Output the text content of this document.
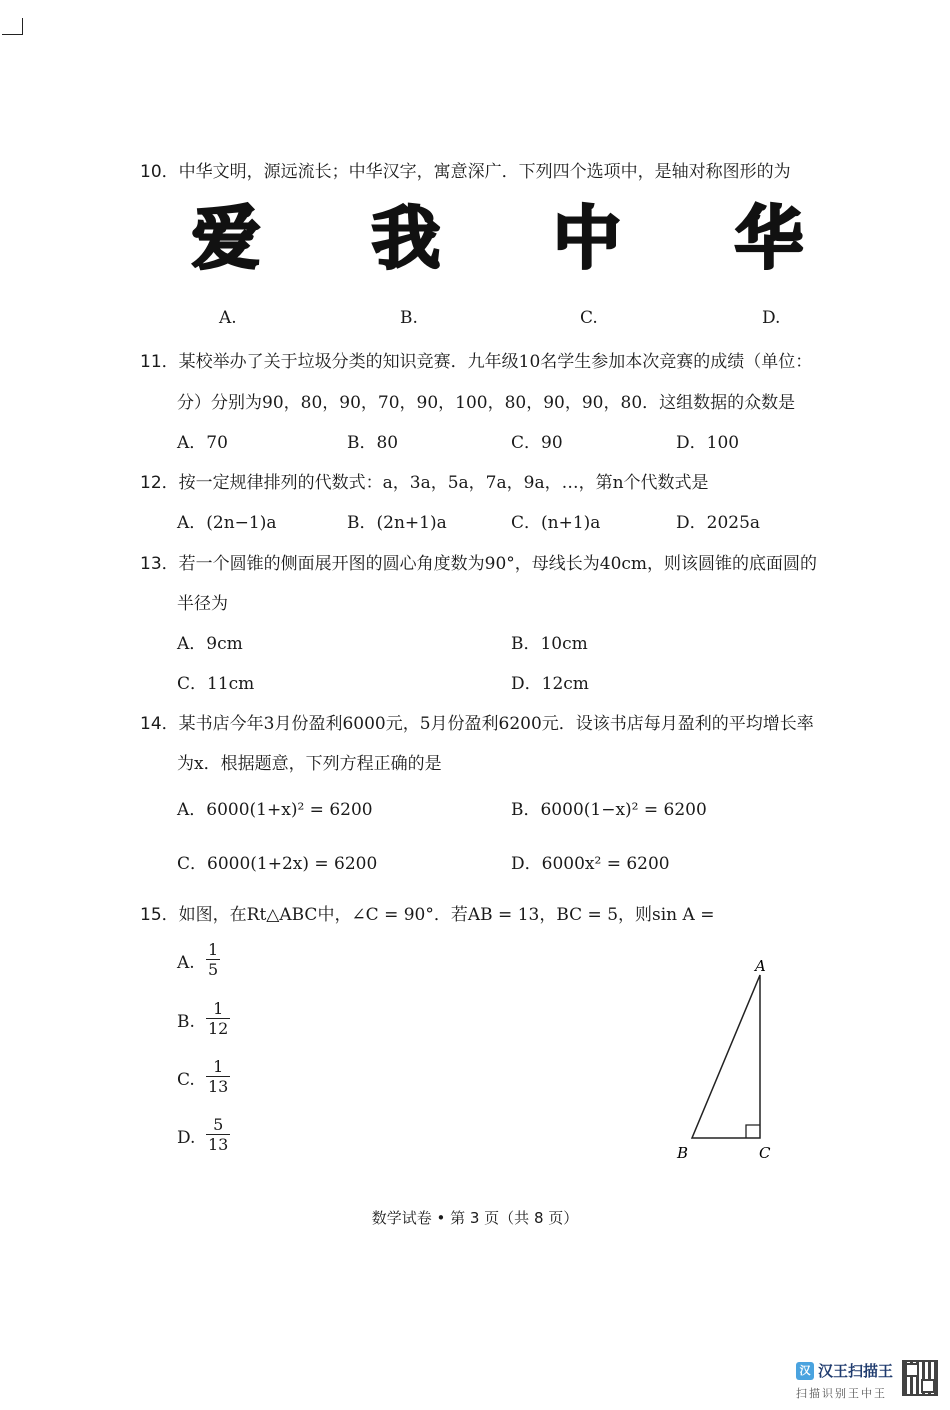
10．中华文明，源远流长；中华汉字，寓意深广．下列四个选项中，是轴对称图形的为
爱 我 中 华
A.	B.	C.	D.
11．某校举办了关于垃圾分类的知识竞赛．九年级10名学生参加本次竞赛的成绩（单位：
分）分别为90，80，90，70，90，100，80，90，90，80．这组数据的众数是
A．70	B．80	C．90	D．100
12．按一定规律排列的代数式：a，3a，5a，7a，9a，…，第n个代数式是
A．(2n−1)a	B．(2n+1)a	C．(n+1)a	D．2025a
13．若一个圆锥的侧面展开图的圆心角度数为90°，母线长为40cm，则该圆锥的底面圆的
半径为
A．9cm	B．10cm
C．11cm	D．12cm
14．某书店今年3月份盈利6000元，5月份盈利6200元．设该书店每月盈利的平均增长率
为x．根据题意，下列方程正确的是
A．6000(1+x)² = 6200	B．6000(1−x)² = 6200
C．6000(1+2x) = 6200	D．6000x² = 6200
15．如图，在Rt△ABC中，∠C = 90°．若AB = 13，BC = 5，则sin A =
A. $\frac{1}{5}$
B. $\frac{1}{12}$
C. $\frac{1}{13}$
D. $\frac{5}{13}$
A
B	C
数学试卷 • 第 3 页（共 8 页）
汉 汉王扫描王
扫描识别王中王
